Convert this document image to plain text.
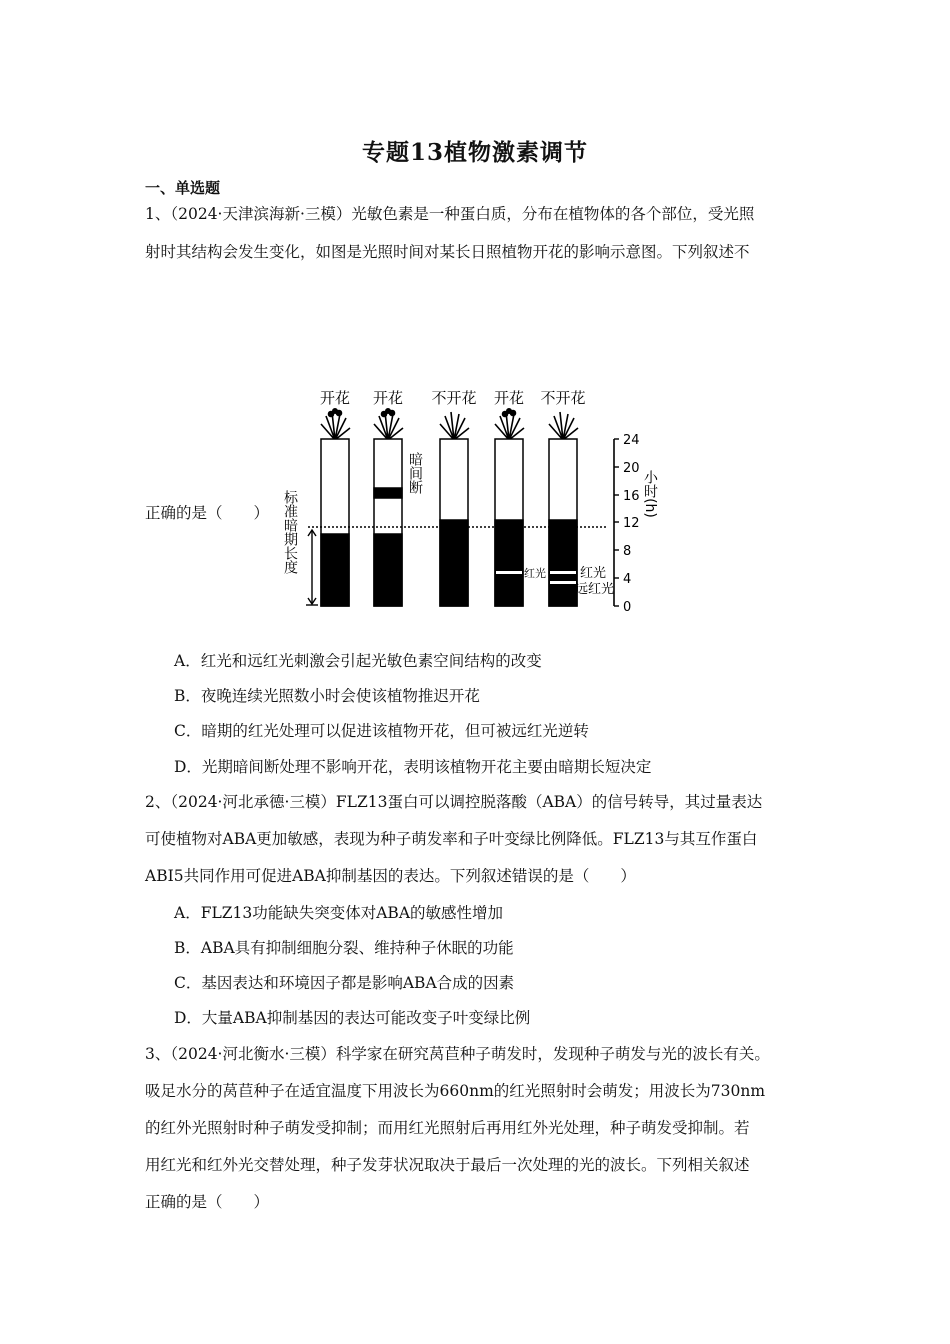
专题13植物激素调节
一、单选题
1、（2024·天津滨海新·三模）光敏色素是一种蛋白质，分布在植物体的各个部位，受光照
射时其结构会发生变化，如图是光照时间对某长日照植物开花的影响示意图。下列叙述不
正确的是（　　）
开花 开花 不开花 开花 不开花
标准暗期长度
暗间断
红光	红光
远红光
24
20
16
12
8
4
0
小时(h)
A．红光和远红光刺激会引起光敏色素空间结构的改变
B．夜晚连续光照数小时会使该植物推迟开花
C．暗期的红光处理可以促进该植物开花，但可被远红光逆转
D．光期暗间断处理不影响开花，表明该植物开花主要由暗期长短决定
2、（2024·河北承德·三模）FLZ13蛋白可以调控脱落酸（ABA）的信号转导，其过量表达
可使植物对ABA更加敏感，表现为种子萌发率和子叶变绿比例降低。FLZ13与其互作蛋白
ABI5共同作用可促进ABA抑制基因的表达。下列叙述错误的是（　　）
A．FLZ13功能缺失突变体对ABA的敏感性增加
B．ABA具有抑制细胞分裂、维持种子休眠的功能
C．基因表达和环境因子都是影响ABA合成的因素
D．大量ABA抑制基因的表达可能改变子叶变绿比例
3、（2024·河北衡水·三模）科学家在研究莴苣种子萌发时，发现种子萌发与光的波长有关。
吸足水分的莴苣种子在适宜温度下用波长为660nm的红光照射时会萌发；用波长为730nm
的红外光照射时种子萌发受抑制；而用红光照射后再用红外光处理，种子萌发受抑制。若
用红光和红外光交替处理，种子发芽状况取决于最后一次处理的光的波长。下列相关叙述
正确的是（　　）
